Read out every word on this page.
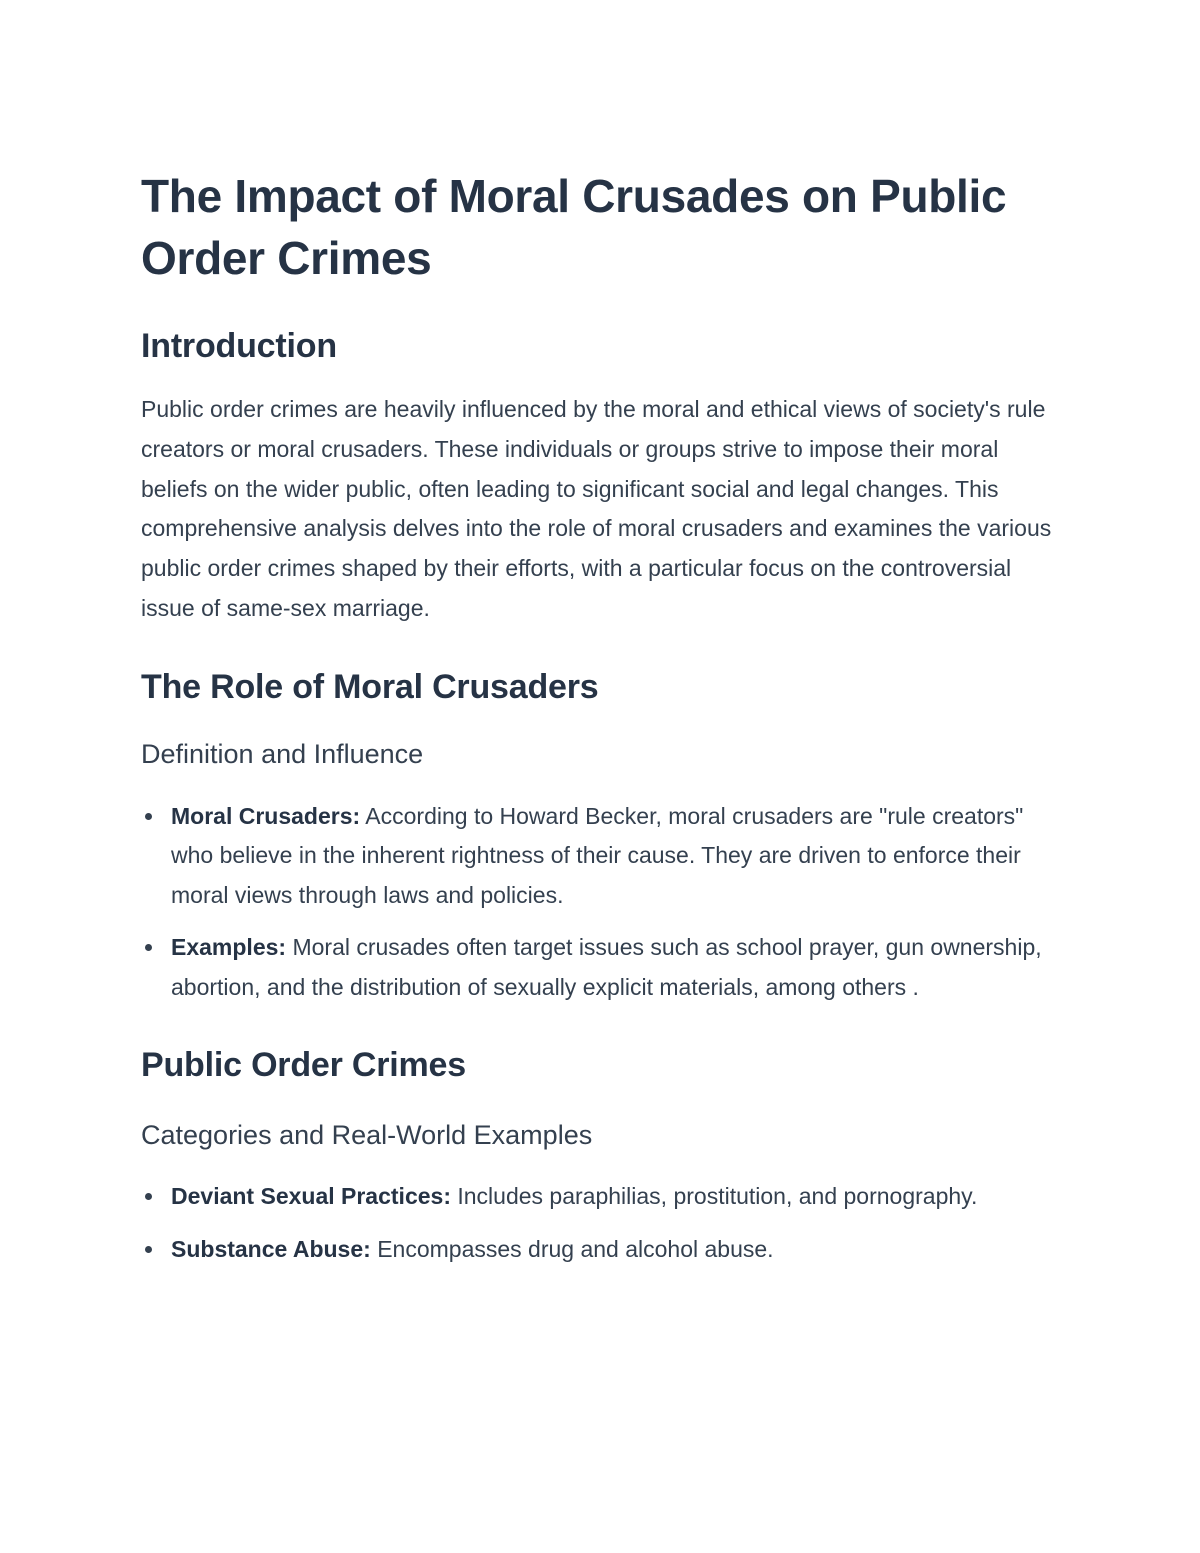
The Impact of Moral Crusades on Public Order Crimes
Introduction

Public order crimes are heavily influenced by the moral and ethical views of society's rule creators or moral crusaders. These individuals or groups strive to impose their moral beliefs on the wider public, often leading to significant social and legal changes. This comprehensive analysis delves into the role of moral crusaders and examines the various public order crimes shaped by their efforts, with a particular focus on the controversial issue of same-sex marriage.

The Role of Moral Crusaders
Definition and Influence
Moral Crusaders: According to Howard Becker, moral crusaders are "rule creators" who believe in the inherent rightness of their cause. They are driven to enforce their moral views through laws and policies.
Examples: Moral crusades often target issues such as school prayer, gun ownership, abortion, and the distribution of sexually explicit materials, among others .
Public Order Crimes
Categories and Real-World Examples
Deviant Sexual Practices: Includes paraphilias, prostitution, and pornography.
Substance Abuse: Encompasses drug and alcohol abuse.
